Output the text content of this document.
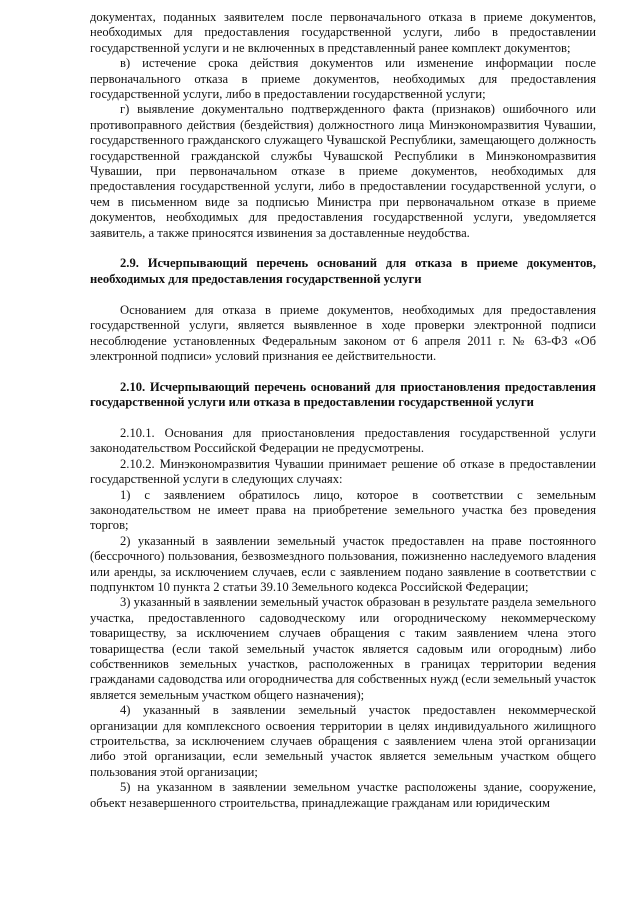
документах, поданных заявителем после первоначального отказа в приеме документов, необходимых для предоставления государственной услуги, либо в предоставлении государственной услуги и не включенных в представленный ранее комплект документов;

в) истечение срока действия документов или изменение информации после первоначального отказа в приеме документов, необходимых для предоставления государственной услуги, либо в предоставлении государственной услуги;

г) выявление документально подтвержденного факта (признаков) ошибочного или противоправного действия (бездействия) должностного лица Минэкономразвития Чувашии, государственного гражданского служащего Чувашской Республики, замещающего должность государственной гражданской службы Чувашской Республики в Минэкономразвития Чувашии, при первоначальном отказе в приеме документов, необходимых для предоставления государственной услуги, либо в предоставлении государственной услуги, о чем в письменном виде за подписью Министра при первоначальном отказе в приеме документов, необходимых для предоставления государственной услуги, уведомляется заявитель, а также приносятся извинения за доставленные неудобства.

2.9. Исчерпывающий перечень оснований для отказа в приеме документов, необходимых для предоставления государственной услуги

Основанием для отказа в приеме документов, необходимых для предоставления государственной услуги, является выявленное в ходе проверки электронной подписи несоблюдение установленных Федеральным законом от 6 апреля 2011 г. № 63-ФЗ «Об электронной подписи» условий признания ее действительности.

2.10. Исчерпывающий перечень оснований для приостановления предоставления государственной услуги или отказа в предоставлении государственной услуги

2.10.1. Основания для приостановления предоставления государственной услуги законодательством Российской Федерации не предусмотрены.

2.10.2. Минэкономразвития Чувашии принимает решение об отказе в предоставлении государственной услуги в следующих случаях:

1) с заявлением обратилось лицо, которое в соответствии с земельным законодательством не имеет права на приобретение земельного участка без проведения торгов;

2) указанный в заявлении земельный участок предоставлен на праве постоянного (бессрочного) пользования, безвозмездного пользования, пожизненно наследуемого владения или аренды, за исключением случаев, если с заявлением подано заявление в соответствии с подпунктом 10 пункта 2 статьи 39.10 Земельного кодекса Российской Федерации;

3) указанный в заявлении земельный участок образован в результате раздела земельного участка, предоставленного садоводческому или огородническому некоммерческому товариществу, за исключением случаев обращения с таким заявлением члена этого товарищества (если такой земельный участок является садовым или огородным) либо собственников земельных участков, расположенных в границах территории ведения гражданами садоводства или огородничества для собственных нужд (если земельный участок является земельным участком общего назначения);

4) указанный в заявлении земельный участок предоставлен некоммерческой организации для комплексного освоения территории в целях индивидуального жилищного строительства, за исключением случаев обращения с заявлением члена этой организации либо этой организации, если земельный участок является земельным участком общего пользования этой организации;

5) на указанном в заявлении земельном участке расположены здание, сооружение, объект незавершенного строительства, принадлежащие гражданам или юридическим
